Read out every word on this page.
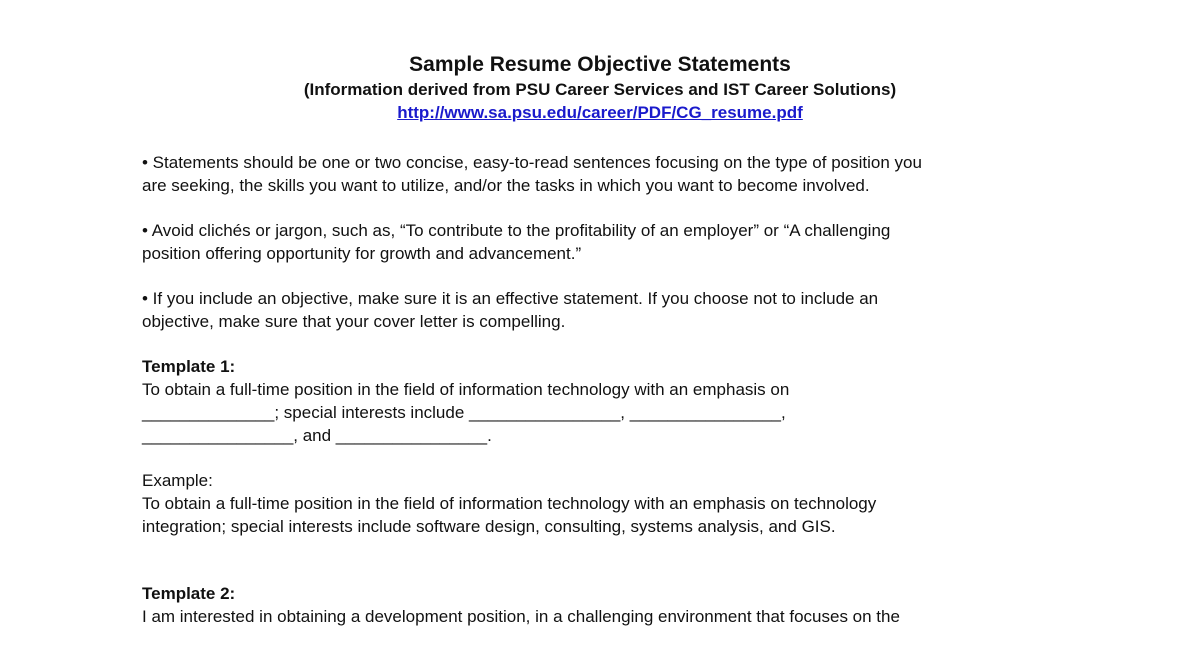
Sample Resume Objective Statements

(Information derived from PSU Career Services and IST Career Solutions)

http://www.sa.psu.edu/career/PDF/CG_resume.pdf
• Statements should be one or two concise, easy-to-read sentences focusing on the type of position you
are seeking, the skills you want to utilize, and/or the tasks in which you want to become involved.
• Avoid clichés or jargon, such as, “To contribute to the profitability of an employer” or “A challenging
position offering opportunity for growth and advancement.”
• If you include an objective, make sure it is an effective statement. If you choose not to include an
objective, make sure that your cover letter is compelling.
Template 1:
To obtain a full-time position in the field of information technology with an emphasis on
______________; special interests include ________________, ________________,
________________, and ________________.
Example:
To obtain a full-time position in the field of information technology with an emphasis on technology
integration; special interests include software design, consulting, systems analysis, and GIS.
Template 2:
I am interested in obtaining a development position, in a challenging environment that focuses on the
